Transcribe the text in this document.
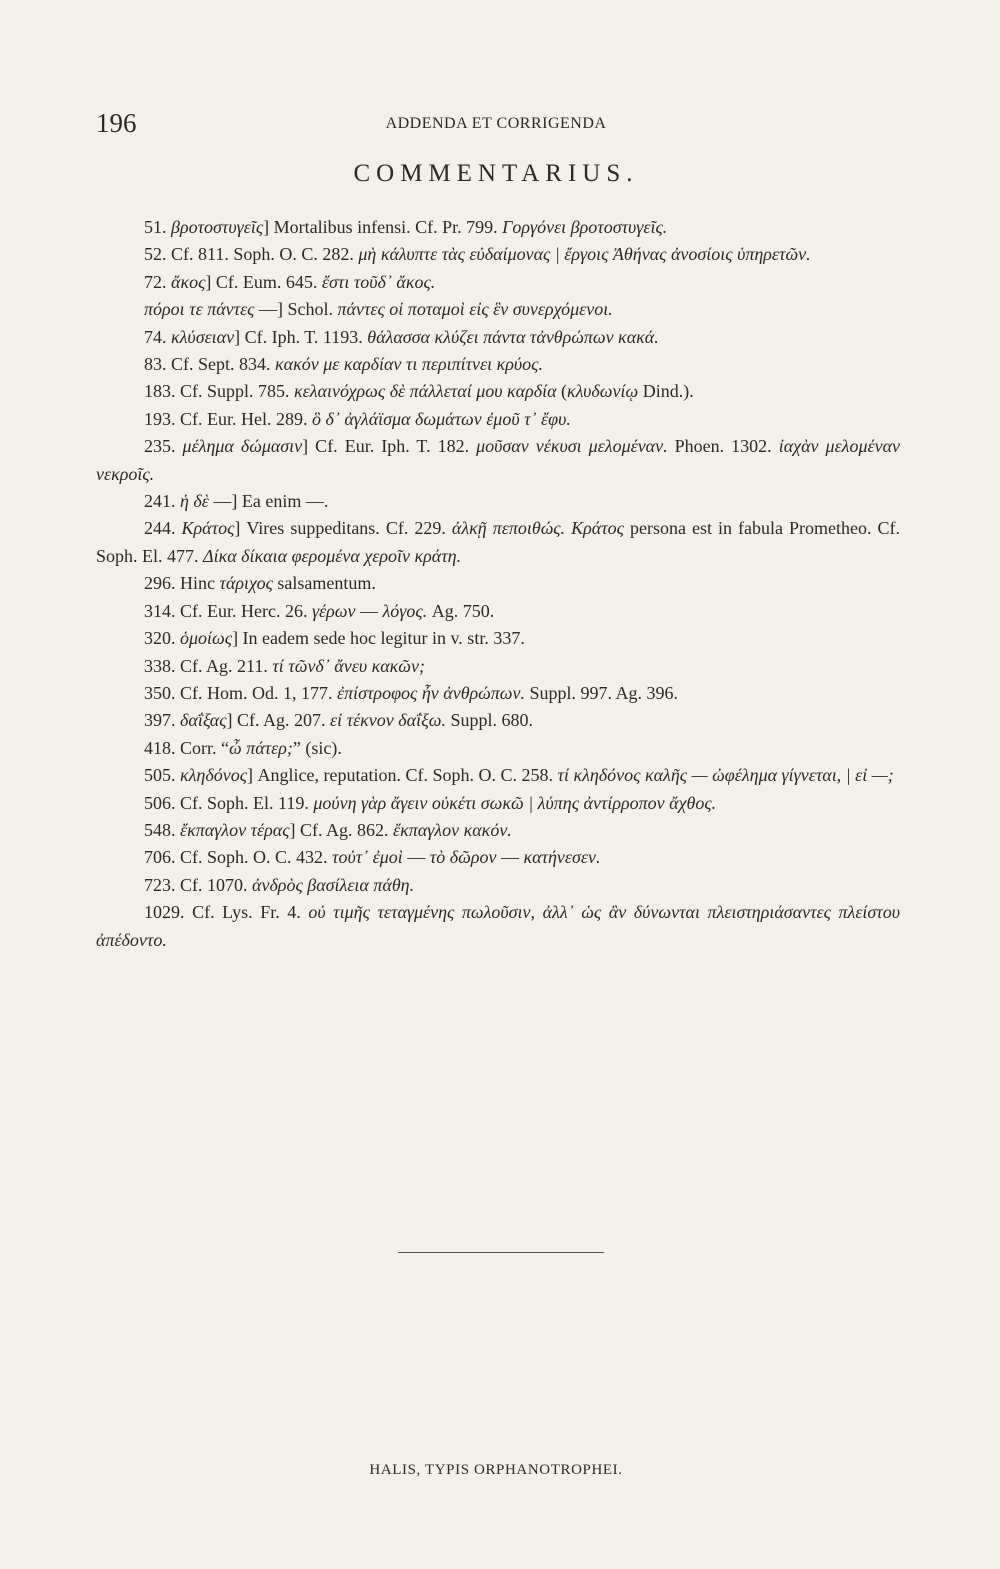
196	ADDENDA ET CORRIGENDA
COMMENTARIUS.

51. βροτοστυγεῖς] Mortalibus infensi. Cf. Pr. 799. Γοργόνει βροτοστυγεῖς.

52. Cf. 811. Soph. O. C. 282. μὴ κάλυπτε τὰς εὐδαίμονας | ἔργοις Ἀθήνας ἀνοσίοις ὑπηρετῶν.

72. ἄκος] Cf. Eum. 645. ἔστι τοῦδ᾽ ἄκος.

πόροι τε πάντες —] Schol. πάντες οἱ ποταμοὶ εἰς ἓν συνερχόμενοι.

74. κλύσειαν] Cf. Iph. T. 1193. θάλασσα κλύζει πάντα τἀνθρώπων κακά.

83. Cf. Sept. 834. κακόν με καρδίαν τι περιπίτνει κρύος.

183. Cf. Suppl. 785. κελαινόχρως δὲ πάλλεταί μου καρδία (κλυδωνίῳ Dind.).

193. Cf. Eur. Hel. 289. ὃ δ᾽ ἀγλάϊσμα δωμάτων ἐμοῦ τ᾽ ἔφυ.

235. μέλημα δώμασιν] Cf. Eur. Iph. T. 182. μοῦσαν νέκυσι μελομέναν. Phoen. 1302. ἰαχὰν μελομέναν νεκροῖς.

241. ἡ δὲ —] Ea enim —.

244. Κράτος] Vires suppeditans. Cf. 229. ἀλκῇ πεποιθώς. Κράτος persona est in fabula Prometheo. Cf. Soph. El. 477. Δίκα δίκαια φερομένα χεροῖν κράτη.

296. Hinc τάριχος salsamentum.

314. Cf. Eur. Herc. 26. γέρων — λόγος. Ag. 750.

320. ὁμοίως] In eadem sede hoc legitur in v. str. 337.

338. Cf. Ag. 211. τί τῶνδ᾽ ἄνευ κακῶν;

350. Cf. Hom. Od. 1, 177. ἐπίστροφος ἦν ἀνθρώπων. Suppl. 997. Ag. 396.

397. δαΐξας] Cf. Ag. 207. εἰ τέκνον δαΐξω. Suppl. 680.

418. Corr. “ὦ πάτερ;” (sic).

505. κληδόνος] Anglice, reputation. Cf. Soph. O. C. 258. τί κληδόνος καλῆς — ὠφέλημα γίγνεται, | εἰ —;

506. Cf. Soph. El. 119. μούνη γὰρ ἄγειν οὐκέτι σωκῶ | λύπης ἀντίρροπον ἄχθος.

548. ἔκπαγλον τέρας] Cf. Ag. 862. ἔκπαγλον κακόν.

706. Cf. Soph. O. C. 432. τοὐτ᾽ ἐμοὶ — τὸ δῶρον — κατήνεσεν.

723. Cf. 1070. ἀνδρὸς βασίλεια πάθη.

1029. Cf. Lys. Fr. 4. οὐ τιμῆς τεταγμένης πωλοῦσιν, ἀλλ᾽ ὡς ἂν δύνωνται πλειστηριάσαντες πλείστου ἀπέδοντο.

HALIS, TYPIS ORPHANOTROPHEI.
